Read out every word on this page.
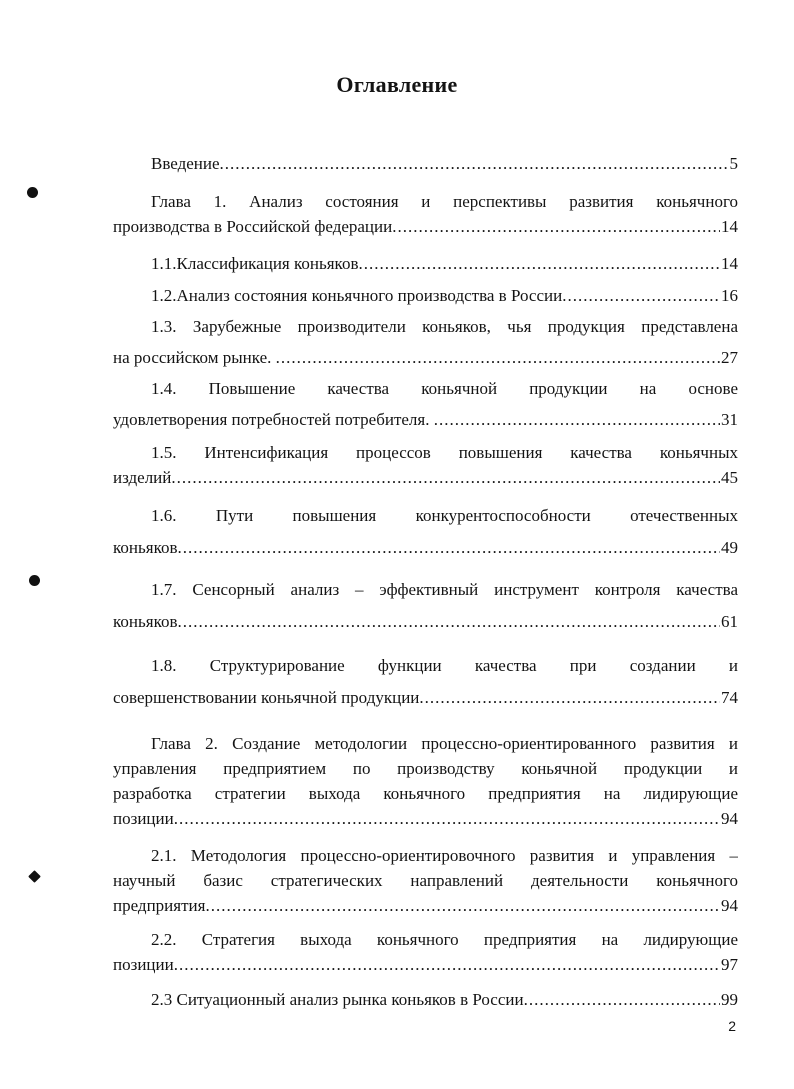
Оглавление
Введение .....	5
Глава 1. Анализ состояния и перспективы развития коньячного
производства в Российской федерации .....	14
1.1.Классификация коньяков .....	14
1.2.Анализ состояния коньячного производства в России .....	16
1.3. Зарубежные производители коньяков, чья продукция представлена
на российском рынке. .....	27
1.4. Повышение качества коньячной продукции на основе
удовлетворения потребностей потребителя. .....	31
1.5. Интенсификация процессов повышения качества коньячных
изделий .....	45
1.6. Пути повышения конкурентоспособности отечественных
коньяков .....	49
1.7. Сенсорный анализ – эффективный инструмент контроля качества
коньяков .....	61
1.8. Структурирование функции качества при создании и
совершенствовании коньячной продукции .....	74
Глава 2. Создание методологии процессно-ориентированного развития и
управления предприятием по производству коньячной продукции и
разработка стратегии выхода коньячного предприятия на лидирующие
позиции .....	94
2.1. Методология процессно-ориентировочного развития и управления –
научный базис стратегических направлений деятельности коньячного
предприятия .....	94
2.2. Стратегия выхода коньячного предприятия на лидирующие
позиции .....	97
2.3 Ситуационный анализ рынка коньяков в России .....	99
2
